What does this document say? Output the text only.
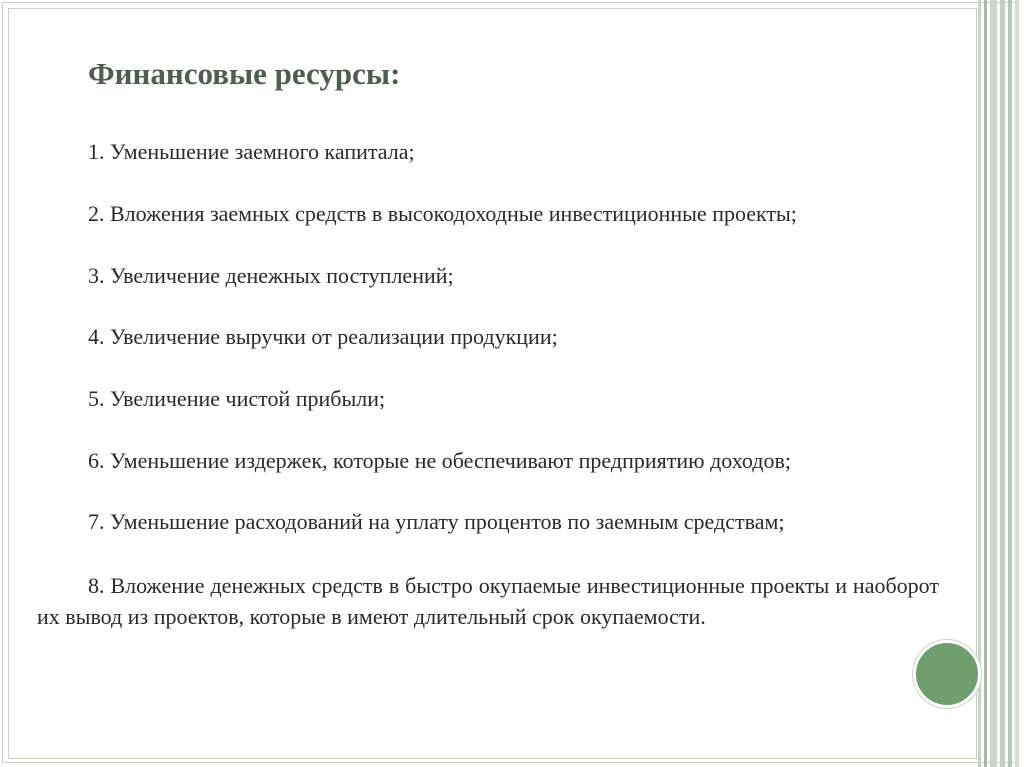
Финансовые ресурсы:

1. Уменьшение заемного капитала;

2. Вложения заемных средств в высокодоходные инвестиционные проекты;

3. Увеличение денежных поступлений;

4. Увеличение выручки от реализации продукции;

5. Увеличение чистой прибыли;

6. Уменьшение издержек, которые не обеспечивают предприятию доходов;

7. Уменьшение расходований на уплату процентов по заемным средствам;

8. Вложение денежных средств в быстро окупаемые инвестиционные проекты и наоборот их вывод из проектов, которые в имеют длительный срок окупаемости.
